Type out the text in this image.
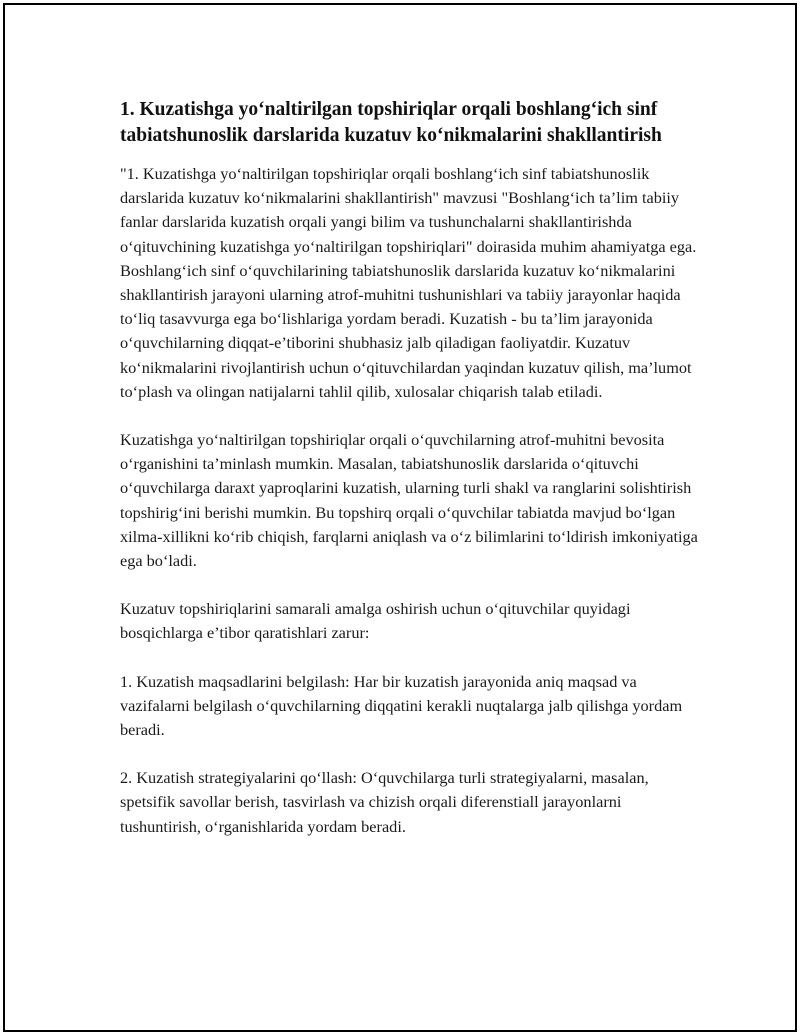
1. Kuzatishga yo‘naltirilgan topshiriqlar orqali boshlang‘ich sinf tabiatshunoslik darslarida kuzatuv ko‘nikmalarini shakllantirish

"1. Kuzatishga yo‘naltirilgan topshiriqlar orqali boshlang‘ich sinf tabiatshunoslik darslarida kuzatuv ko‘nikmalarini shakllantirish" mavzusi "Boshlang‘ich ta’lim tabiiy fanlar darslarida kuzatish orqali yangi bilim va tushunchalarni shakllantirishda o‘qituvchining kuzatishga yo‘naltirilgan topshiriqlari" doirasida muhim ahamiyatga ega. Boshlang‘ich sinf o‘quvchilarining tabiatshunoslik darslarida kuzatuv ko‘nikmalarini shakllantirish jarayoni ularning atrof-muhitni tushunishlari va tabiiy jarayonlar haqida to‘liq tasavvurga ega bo‘lishlariga yordam beradi. Kuzatish - bu ta’lim jarayonida o‘quvchilarning diqqat-e’tiborini shubhasiz jalb qiladigan faoliyatdir. Kuzatuv ko‘nikmalarini rivojlantirish uchun o‘qituvchilardan yaqindan kuzatuv qilish, ma’lumot to‘plash va olingan natijalarni tahlil qilib, xulosalar chiqarish talab etiladi.

Kuzatishga yo‘naltirilgan topshiriqlar orqali o‘quvchilarning atrof-muhitni bevosita o‘rganishini ta’minlash mumkin. Masalan, tabiatshunoslik darslarida o‘qituvchi o‘quvchilarga daraxt yaproqlarini kuzatish, ularning turli shakl va ranglarini solishtirish topshirig‘ini berishi mumkin. Bu topshirq orqali o‘quvchilar tabiatda mavjud bo‘lgan xilma-xillikni ko‘rib chiqish, farqlarni aniqlash va o‘z bilimlarini to‘ldirish imkoniyatiga ega bo‘ladi.

Kuzatuv topshiriqlarini samarali amalga oshirish uchun o‘qituvchilar quyidagi bosqichlarga e’tibor qaratishlari zarur:

1. Kuzatish maqsadlarini belgilash: Har bir kuzatish jarayonida aniq maqsad va vazifalarni belgilash o‘quvchilarning diqqatini kerakli nuqtalarga jalb qilishga yordam beradi.

2. Kuzatish strategiyalarini qo‘llash: O‘quvchilarga turli strategiyalarni, masalan, spetsifik savollar berish, tasvirlash va chizish orqali diferenstiall jarayonlarni tushuntirish, o‘rganishlarida yordam beradi.
